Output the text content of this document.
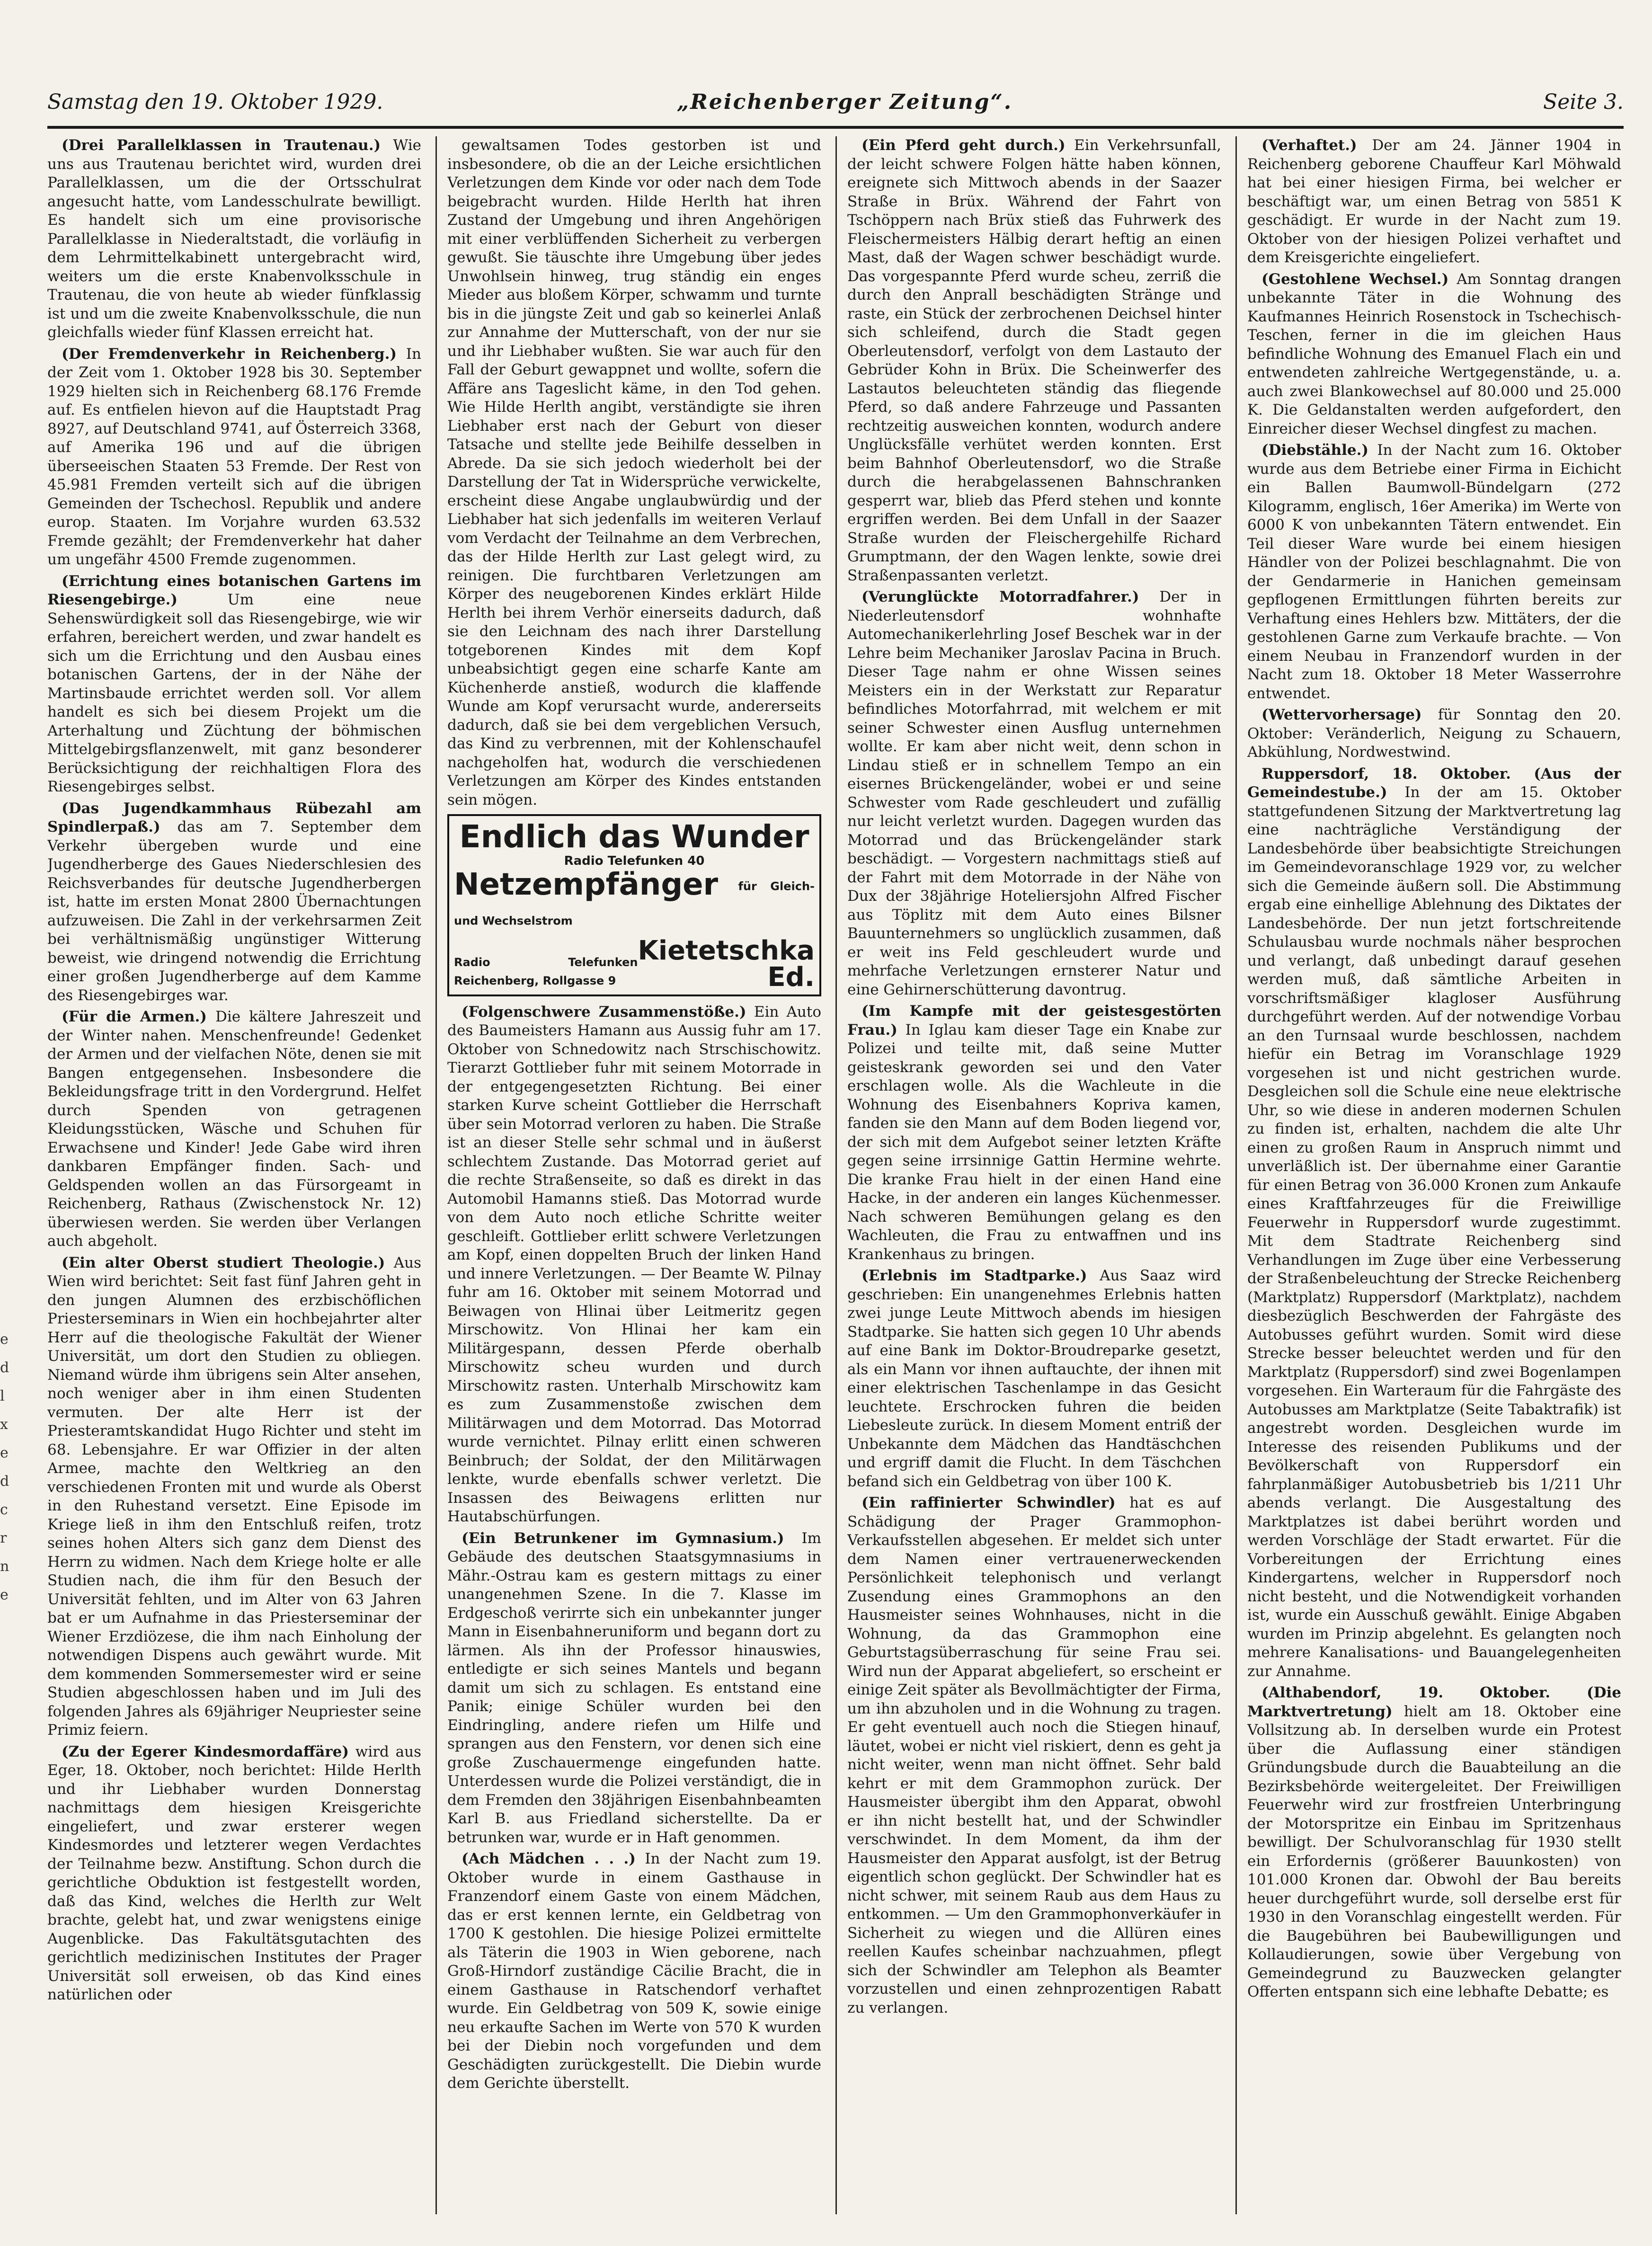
Samstag den 19. Oktober 1929.	„Reichenberger Zeitung“.	Seite 3.

(Drei Parallelklassen in Trautenau.) Wie uns aus Trautenau berichtet wird, wurden drei Parallelklassen, um die der Ortsschulrat angesucht hatte, vom Landesschulrate bewilligt. Es handelt sich um eine provisorische Parallelklasse in Niederaltstadt, die vorläufig in dem Lehrmittelkabinett untergebracht wird, weiters um die erste Knabenvolksschule in Trautenau, die von heute ab wieder fünfklassig ist und um die zweite Knabenvolksschule, die nun gleichfalls wieder fünf Klassen erreicht hat.

(Der Fremdenverkehr in Reichenberg.) In der Zeit vom 1. Oktober 1928 bis 30. September 1929 hielten sich in Reichenberg 68.176 Fremde auf. Es entfielen hievon auf die Hauptstadt Prag 8927, auf Deutschland 9741, auf Österreich 3368, auf Amerika 196 und auf die übrigen überseeischen Staaten 53 Fremde. Der Rest von 45.981 Fremden verteilt sich auf die übrigen Gemeinden der Tschechosl. Republik und andere europ. Staaten. Im Vorjahre wurden 63.532 Fremde gezählt; der Fremdenverkehr hat daher um ungefähr 4500 Fremde zugenommen.

(Errichtung eines botanischen Gartens im Riesengebirge.)	Um eine neue Sehenswürdigkeit soll das Riesengebirge, wie wir erfahren, bereichert werden, und zwar handelt es sich um die Errichtung und den Ausbau eines botanischen Gartens, der in der Nähe der Martinsbaude errichtet werden soll. Vor allem handelt es sich bei diesem Projekt um die Arterhaltung und Züchtung der böhmischen Mittelgebirgsflanzenwelt, mit ganz besonderer Berücksichtigung der reichhaltigen Flora des Riesengebirges selbst.

(Das Jugendkammhaus Rübezahl am Spindlerpaß.) das am 7. September dem Verkehr übergeben wurde und eine Jugendherberge des Gaues Niederschlesien des Reichsverbandes für deutsche Jugendherbergen ist, hatte im ersten Monat 2800 Übernachtungen aufzuweisen. Die Zahl in der verkehrsarmen Zeit bei verhältnismäßig ungünstiger Witterung beweist, wie dringend notwendig die Errichtung einer großen Jugendherberge auf dem Kamme des Riesengebirges war.

(Für die Armen.) Die kältere Jahreszeit und der Winter nahen. Menschenfreunde! Gedenket der Armen und der vielfachen Nöte, denen sie mit Bangen entgegensehen. Insbesondere die Bekleidungsfrage tritt in den Vordergrund. Helfet durch Spenden von getragenen Kleidungsstücken, Wäsche und Schuhen für Erwachsene und Kinder! Jede Gabe wird ihren dankbaren Empfänger finden. Sach- und Geldspenden wollen an das Fürsorgeamt in Reichenberg, Rathaus (Zwischenstock Nr. 12) überwiesen werden. Sie werden über Verlangen auch abgeholt.

(Ein alter Oberst studiert Theologie.) Aus Wien wird berichtet: Seit fast fünf Jahren geht in den jungen Alumnen des erzbischöflichen Priesterseminars in Wien ein hochbejahrter alter Herr auf die theologische Fakultät der Wiener Universität, um dort den Studien zu obliegen. Niemand würde ihm übrigens sein Alter ansehen, noch weniger aber in ihm einen Studenten vermuten. Der alte Herr ist der Priesteramtskandidat Hugo Richter und steht im 68. Lebensjahre. Er war Offizier in der alten Armee, machte den Weltkrieg an den verschiedenen Fronten mit und wurde als Oberst in den Ruhestand versetzt. Eine Episode im Kriege ließ in ihm den Entschluß reifen, trotz seines hohen Alters sich ganz dem Dienst des Herrn zu widmen. Nach dem Kriege holte er alle Studien nach, die ihm für den Besuch der Universität fehlten, und im Alter von 63 Jahren bat er um Aufnahme in das Priesterseminar der Wiener Erzdiözese, die ihm nach Einholung der notwendigen Dispens auch gewährt wurde. Mit dem kommenden Sommersemester wird er seine Studien abgeschlossen haben und im Juli des folgenden Jahres als 69jähriger Neupriester seine Primiz feiern.

(Zu der Egerer Kindesmordaffäre) wird aus Eger, 18. Oktober, noch berichtet: Hilde Herlth und ihr Liebhaber wurden Donnerstag nachmittags dem hiesigen Kreisgerichte eingeliefert, und zwar ersterer wegen Kindesmordes und letzterer wegen Verdachtes der Teilnahme bezw. Anstiftung. Schon durch die gerichtliche Obduktion ist festgestellt worden, daß das Kind, welches die Herlth zur Welt brachte, gelebt hat, und zwar wenigstens einige Augenblicke. Das Fakultätsgutachten des gerichtlich medizinischen Institutes der Prager Universität soll erweisen, ob das Kind eines natürlichen oder

gewaltsamen Todes gestorben ist und insbesondere, ob die an der Leiche ersichtlichen Verletzungen dem Kinde vor oder nach dem Tode beigebracht wurden. Hilde Herlth hat ihren Zustand der Umgebung und ihren Angehörigen mit einer verblüffenden Sicherheit zu verbergen gewußt. Sie täuschte ihre Umgebung über jedes Unwohlsein hinweg, trug ständig ein enges Mieder aus bloßem Körper, schwamm und turnte bis in die jüngste Zeit und gab so keinerlei Anlaß zur Annahme der Mutterschaft, von der nur sie und ihr Liebhaber wußten. Sie war auch für den Fall der Geburt gewappnet und wollte, sofern die Affäre ans Tageslicht käme, in den Tod gehen. Wie Hilde Herlth angibt, verständigte sie ihren Liebhaber erst nach der Geburt von dieser Tatsache und stellte jede Beihilfe desselben in Abrede. Da sie sich jedoch wiederholt bei der Darstellung der Tat in Widersprüche verwickelte, erscheint diese Angabe unglaubwürdig und der Liebhaber hat sich jedenfalls im weiteren Verlauf vom Verdacht der Teilnahme an dem Verbrechen, das der Hilde Herlth zur Last gelegt wird, zu reinigen. Die furchtbaren Verletzungen am Körper des neugeborenen Kindes erklärt Hilde Herlth bei ihrem Verhör einerseits dadurch, daß sie den Leichnam des nach ihrer Darstellung totgeborenen Kindes mit dem Kopf unbeabsichtigt gegen eine scharfe Kante am Küchenherde anstieß, wodurch die klaffende Wunde am Kopf verursacht wurde, andererseits dadurch, daß sie bei dem vergeblichen Versuch, das Kind zu verbrennen, mit der Kohlenschaufel nachgeholfen hat, wodurch die verschiedenen Verletzungen am Körper des Kindes entstanden sein mögen.

Endlich das Wunder
Radio Telefunken 40
Netzempfänger für Gleich- und Wechselstrom
Radio Telefunken Reichenberg, Rollgasse 9
Kietetschka Ed.

(Folgenschwere Zusammenstöße.) Ein Auto des Baumeisters Hamann aus Aussig fuhr am 17. Oktober von Schnedowitz nach Strschischowitz. Tierarzt Gottlieber fuhr mit seinem Motorrade in der entgegengesetzten Richtung. Bei einer starken Kurve scheint Gottlieber die Herrschaft über sein Motorrad verloren zu haben. Die Straße ist an dieser Stelle sehr schmal und in äußerst schlechtem Zustande. Das Motorrad geriet auf die rechte Straßenseite, so daß es direkt in das Automobil Hamanns stieß. Das Motorrad wurde von dem Auto noch etliche Schritte weiter geschleift. Gottlieber erlitt schwere Verletzungen am Kopf, einen doppelten Bruch der linken Hand und innere Verletzungen. — Der Beamte W. Pilnay fuhr am 16. Oktober mit seinem Motorrad und Beiwagen von Hlinai über Leitmeritz gegen Mirschowitz. Von Hlinai her kam ein Militärgespann, dessen Pferde oberhalb Mirschowitz scheu wurden und durch Mirschowitz rasten. Unterhalb Mirschowitz kam es zum Zusammenstoße zwischen dem Militärwagen und dem Motorrad. Das Motorrad wurde vernichtet. Pilnay erlitt einen schweren Beinbruch; der Soldat, der den Militärwagen lenkte, wurde ebenfalls schwer verletzt. Die Insassen des Beiwagens erlitten nur Hautabschürfungen.

(Ein Betrunkener im Gymnasium.) Im Gebäude des deutschen Staatsgymnasiums in Mähr.-Ostrau kam es gestern mittags zu einer unangenehmen Szene. In die 7. Klasse im Erdgeschoß verirrte sich ein unbekannter junger Mann in Eisenbahneruniform und begann dort zu lärmen. Als ihn der Professor hinauswies, entledigte er sich seines Mantels und begann damit um sich zu schlagen. Es entstand eine Panik; einige Schüler wurden bei den Eindringling, andere riefen um Hilfe und sprangen aus den Fenstern, vor denen sich eine große Zuschauermenge eingefunden hatte. Unterdessen wurde die Polizei verständigt, die in dem Fremden den 38jährigen Eisenbahnbeamten Karl B. aus Friedland sicherstellte. Da er betrunken war, wurde er in Haft genommen.

(Ach Mädchen . . .) In der Nacht zum 19. Oktober wurde in einem Gasthause in Franzendorf einem Gaste von einem Mädchen, das er erst kennen lernte, ein Geldbetrag von 1700 K gestohlen. Die hiesige Polizei ermittelte als Täterin die 1903 in Wien geborene, nach Groß-Hirndorf zuständige Cäcilie Bracht, die in einem Gasthause in Ratschendorf verhaftet wurde. Ein Geldbetrag von 509 K, sowie einige neu erkaufte Sachen im Werte von 570 K wurden bei der Diebin noch vorgefunden und dem Geschädigten zurückgestellt. Die Diebin wurde dem Gerichte überstellt.

(Ein Pferd geht durch.) Ein Verkehrsunfall, der leicht schwere Folgen hätte haben können, ereignete sich Mittwoch abends in der Saazer Straße in Brüx. Während der Fahrt von Tschöppern nach Brüx stieß das Fuhrwerk des Fleischermeisters Hälbig derart heftig an einen Mast, daß der Wagen schwer beschädigt wurde. Das vorgespannte Pferd wurde scheu, zerriß die durch den Anprall beschädigten Stränge und raste, ein Stück der zerbrochenen Deichsel hinter sich schleifend, durch die Stadt gegen Oberleutensdorf, verfolgt von dem Lastauto der Gebrüder Kohn in Brüx. Die Scheinwerfer des Lastautos beleuchteten ständig das fliegende Pferd, so daß andere Fahrzeuge und Passanten rechtzeitig ausweichen konnten, wodurch andere Unglücksfälle verhütet werden konnten. Erst beim Bahnhof Oberleutensdorf, wo die Straße durch die herabgelassenen Bahnschranken gesperrt war, blieb das Pferd stehen und konnte ergriffen werden. Bei dem Unfall in der Saazer Straße wurden der Fleischergehilfe Richard Grumptmann, der den Wagen lenkte, sowie drei Straßenpassanten verletzt.

(Verunglückte Motorradfahrer.) Der in Niederleutensdorf wohnhafte Automechanikerlehrling Josef Beschek war in der Lehre beim Mechaniker Jaroslav Pacina in Bruch. Dieser Tage nahm er ohne Wissen seines Meisters ein in der Werkstatt zur Reparatur befindliches Motorfahrrad, mit welchem er mit seiner Schwester einen Ausflug unternehmen wollte. Er kam aber nicht weit, denn schon in Lindau stieß er in schnellem Tempo an ein eisernes Brückengeländer, wobei er und seine Schwester vom Rade geschleudert und zufällig nur leicht verletzt wurden. Dagegen wurden das Motorrad und das Brückengeländer stark beschädigt. — Vorgestern nachmittags stieß auf der Fahrt mit dem Motorrade in der Nähe von Dux der 38jährige Hoteliersjohn Alfred Fischer aus Töplitz mit dem Auto eines Bilsner Bauunternehmers so unglücklich zusammen, daß er weit ins Feld geschleudert wurde und mehrfache Verletzungen ernsterer Natur und eine Gehirnerschütterung davontrug.

(Im Kampfe mit der geistesgestörten Frau.) In Iglau kam dieser Tage ein Knabe zur Polizei und teilte mit, daß seine Mutter geisteskrank geworden sei und den Vater erschlagen wolle. Als die Wachleute in die Wohnung des Eisenbahners Kopriva kamen, fanden sie den Mann auf dem Boden liegend vor, der sich mit dem Aufgebot seiner letzten Kräfte gegen seine irrsinnige Gattin Hermine wehrte. Die kranke Frau hielt in der einen Hand eine Hacke, in der anderen ein langes Küchenmesser. Nach schweren Bemühungen gelang es den Wachleuten, die Frau zu entwaffnen und ins Krankenhaus zu bringen.

(Erlebnis im Stadtparke.) Aus Saaz wird geschrieben: Ein unangenehmes Erlebnis hatten zwei junge Leute Mittwoch abends im hiesigen Stadtparke. Sie hatten sich gegen 10 Uhr abends auf eine Bank im Doktor-Broudreparke gesetzt, als ein Mann vor ihnen auftauchte, der ihnen mit einer elektrischen Taschenlampe in das Gesicht leuchtete. Erschrocken fuhren die beiden Liebesleute zurück. In diesem Moment entriß der Unbekannte dem Mädchen das Handtäschchen und ergriff damit die Flucht. In dem Täschchen befand sich ein Geldbetrag von über 100 K.

(Ein raffinierter Schwindler) hat es auf Schädigung der Prager Grammophon-Verkaufsstellen abgesehen. Er meldet sich unter dem Namen einer vertrauenerweckenden Persönlichkeit telephonisch und verlangt Zusendung eines Grammophons an den Hausmeister seines Wohnhauses, nicht in die Wohnung, da das Grammophon eine Geburtstagsüberraschung für seine Frau sei. Wird nun der Apparat abgeliefert, so erscheint er einige Zeit später als Bevollmächtigter der Firma, um ihn abzuholen und in die Wohnung zu tragen. Er geht eventuell auch noch die Stiegen hinauf, läutet, wobei er nicht viel riskiert, denn es geht ja nicht weiter, wenn man nicht öffnet. Sehr bald kehrt er mit dem Grammophon zurück. Der Hausmeister übergibt ihm den Apparat, obwohl er ihn nicht bestellt hat, und der Schwindler verschwindet. In dem Moment, da ihm der Hausmeister den Apparat ausfolgt, ist der Betrug eigentlich schon geglückt. Der Schwindler hat es nicht schwer, mit seinem Raub aus dem Haus zu entkommen. — Um den Grammophonverkäufer in Sicherheit zu wiegen und die Allüren eines reellen Kaufes scheinbar nachzuahmen, pflegt sich der Schwindler am Telephon als Beamter vorzustellen und einen zehnprozentigen Rabatt zu verlangen.

(Verhaftet.) Der am 24. Jänner 1904 in Reichenberg geborene Chauffeur Karl Möhwald hat bei einer hiesigen Firma, bei welcher er beschäftigt war, um einen Betrag von 5851 K geschädigt. Er wurde in der Nacht zum 19. Oktober von der hiesigen Polizei verhaftet und dem Kreisgerichte eingeliefert.

(Gestohlene Wechsel.) Am Sonntag drangen unbekannte Täter in die Wohnung des Kaufmannes Heinrich Rosenstock in Tschechisch-Teschen, ferner in die im gleichen Haus befindliche Wohnung des Emanuel Flach ein und entwendeten zahlreiche Wertgegenstände, u. a. auch zwei Blankowechsel auf 80.000 und 25.000 K. Die Geldanstalten werden aufgefordert, den Einreicher dieser Wechsel dingfest zu machen.

(Diebstähle.) In der Nacht zum 16. Oktober wurde aus dem Betriebe einer Firma in Eichicht ein Ballen Baumwoll-Bündelgarn (272 Kilogramm, englisch, 16er Amerika) im Werte von 6000 K von unbekannten Tätern entwendet. Ein Teil dieser Ware wurde bei einem hiesigen Händler von der Polizei beschlagnahmt. Die von der Gendarmerie in Hanichen gemeinsam gepflogenen Ermittlungen führten bereits zur Verhaftung eines Hehlers bzw. Mittäters, der die gestohlenen Garne zum Verkaufe brachte. — Von einem Neubau in Franzendorf wurden in der Nacht zum 18. Oktober 18 Meter Wasserrohre entwendet.

(Wettervorhersage) für Sonntag den 20. Oktober: Veränderlich, Neigung zu Schauern, Abkühlung, Nordwestwind.

Ruppersdorf, 18. Oktober. (Aus der Gemeindestube.) In der am 15. Oktober stattgefundenen Sitzung der Marktvertretung lag eine nachträgliche Verständigung der Landesbehörde über beabsichtigte Streichungen im Gemeindevoranschlage 1929 vor, zu welcher sich die Gemeinde äußern soll. Die Abstimmung ergab eine einhellige Ablehnung des Diktates der Landesbehörde. Der nun jetzt fortschreitende Schulausbau wurde nochmals näher besprochen und verlangt, daß unbedingt darauf gesehen werden muß, daß sämtliche Arbeiten in vorschriftsmäßiger klagloser Ausführung durchgeführt werden. Auf der notwendige Vorbau an den Turnsaal wurde beschlossen, nachdem hiefür ein Betrag im Voranschlage 1929 vorgesehen ist und nicht gestrichen wurde. Desgleichen soll die Schule eine neue elektrische Uhr, so wie diese in anderen modernen Schulen zu finden ist, erhalten, nachdem die alte Uhr einen zu großen Raum in Anspruch nimmt und unverläßlich ist. Der übernahme einer Garantie für einen Betrag von 36.000 Kronen zum Ankaufe eines Kraftfahrzeuges für die Freiwillige Feuerwehr in Ruppersdorf wurde zugestimmt. Mit dem Stadtrate Reichenberg sind Verhandlungen im Zuge über eine Verbesserung der Straßenbeleuchtung der Strecke Reichenberg (Marktplatz) Ruppersdorf (Marktplatz), nachdem diesbezüglich Beschwerden der Fahrgäste des Autobusses geführt wurden. Somit wird diese Strecke besser beleuchtet werden und für den Marktplatz (Ruppersdorf) sind zwei Bogenlampen vorgesehen. Ein Warteraum für die Fahrgäste des Autobusses am Marktplatze (Seite Tabaktrafik) ist angestrebt worden. Desgleichen wurde im Interesse des reisenden Publikums und der Bevölkerschaft von Ruppersdorf ein fahrplanmäßiger Autobusbetrieb bis 1/211 Uhr abends verlangt. Die Ausgestaltung des Marktplatzes ist dabei berührt worden und werden Vorschläge der Stadt erwartet. Für die Vorbereitungen der Errichtung eines Kindergartens, welcher in Ruppersdorf noch nicht besteht, und die Notwendigkeit vorhanden ist, wurde ein Ausschuß gewählt. Einige Abgaben wurden im Prinzip abgelehnt. Es gelangten noch mehrere Kanalisations- und Bauangelegenheiten zur Annahme.

(Althabendorf, 19. Oktober. (Die Marktvertretung) hielt am 18. Oktober eine Vollsitzung ab. In derselben wurde ein Protest über die Auflassung einer ständigen Gründungsbude durch die Bauabteilung an die Bezirksbehörde weitergeleitet. Der Freiwilligen Feuerwehr wird zur frostfreien Unterbringung der Motorspritze ein Einbau im Spritzenhaus bewilligt. Der Schulvoranschlag für 1930 stellt ein Erfordernis (größerer Bauunkosten) von 101.000 Kronen dar. Obwohl der Bau bereits heuer durchgeführt wurde, soll derselbe erst für 1930 in den Voranschlag eingestellt werden. Für die Baugebühren bei Baubewilligungen und Kollaudierungen, sowie über Vergebung von Gemeindegrund zu Bauzwecken gelangter Offerten entspann sich eine lebhafte Debatte; es

e
d
l
x
e
d
c
r
n
e
